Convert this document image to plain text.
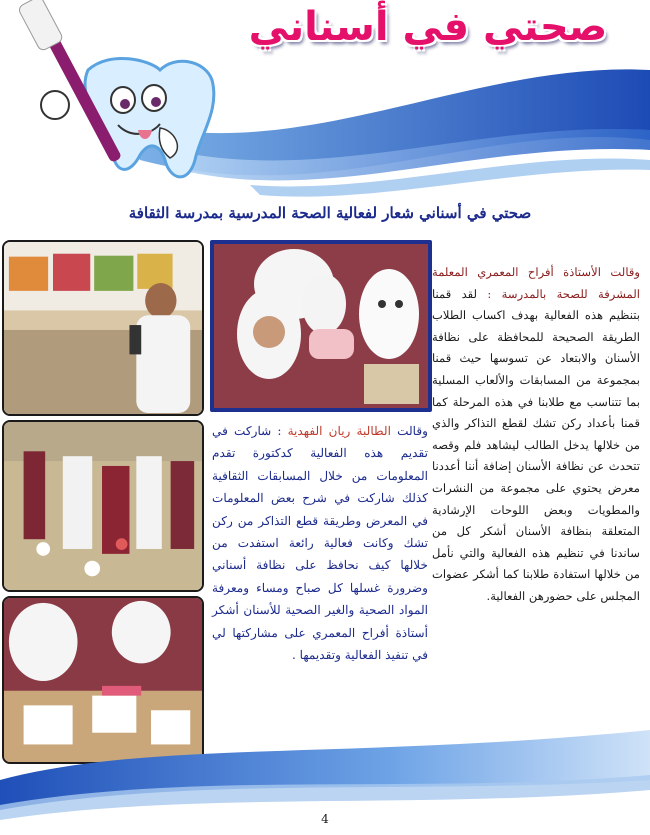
صحتي في أسناني
صحتي في أسناني شعار لفعالية الصحة المدرسية بمدرسة الثقافة
وقالت الأستاذة أفراح المعمري المعلمة المشرفة للصحة بالمدرسة : لقد قمنا بتنظيم هذه الفعالية بهدف اكساب الطلاب الطريقة الصحيحة للمحافظة على نظافة الأسنان والابتعاد عن تسوسها حيث قمنا بمجموعة من المسابقات والألعاب المسلية بما تتناسب مع طلابنا في هذه المرحلة كما قمنا بأعداد ركن تشك لقطع التذاكر والذي من خلالها يدخل الطالب ليشاهد فلم وقصه تتحدث عن نظافة الأسنان إضافة أننا أعددنا معرض يحتوي على مجموعة من النشرات والمطويات وبعض اللوحات الإرشادية المتعلقة بنظافة الأسنان أشكر كل من ساندنا في تنظيم هذه الفعالية والتي نأمل من خلالها استفادة طلابنا كما أشكر عضوات المجلس على حضورهن الفعالية.
وقالت الطالبة ريان الفهدية : شاركت في تقديم هذه الفعالية كدكتورة تقدم المعلومات من خلال المسابقات الثقافية كذلك شاركت في شرح بعض المعلومات في المعرض وطريقة قطع التذاكر من ركن تشك وكانت فعالية رائعة استفدت من خلالها كيف نحافظ على نظافة أسناني وضرورة غسلها كل صباح ومساء ومعرفة المواد الصحية والغير الصحية للأسنان أشكر أستاذة أفراح المعمري على مشاركتها لي في تنفيذ الفعالية وتقديمها .
4
